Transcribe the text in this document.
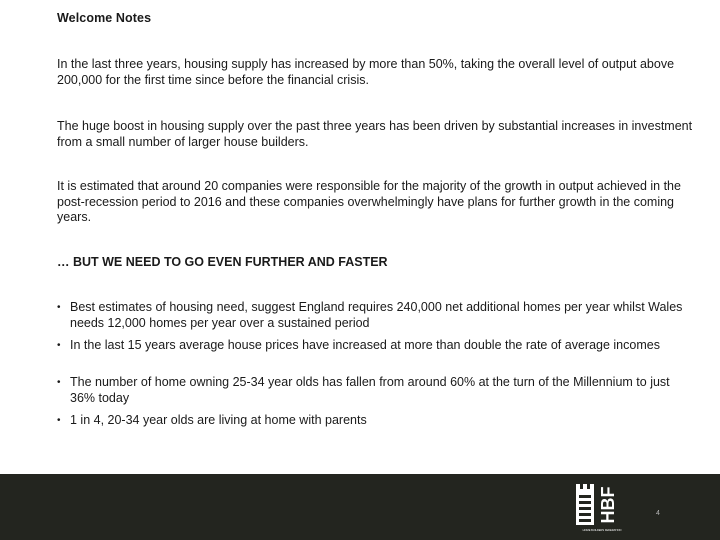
Welcome Notes
In the last three years, housing supply has increased by more than 50%, taking the overall level of output above 200,000 for the first time since before the financial crisis.
The huge boost in housing supply over the past three years has been driven by substantial increases in investment from a small number of larger house builders.
It is estimated that around 20 companies were responsible for the majority of the growth in output achieved in the post-recession period to 2016 and these companies overwhelmingly have plans for further growth in the coming years.
… BUT WE NEED TO GO EVEN FURTHER AND FASTER
• Best estimates of housing need, suggest England requires 240,000 net additional homes per year whilst Wales needs 12,000 homes per year over a sustained period
• In the last 15 years average house prices have increased at more than double the rate of average incomes
• The number of home owning 25-34 year olds has fallen from around 60% at the turn of the Millennium to just 36% today
• 1 in 4, 20-34 year olds are living at home with parents
HBF
HOME BUILDERS FEDERATION
4
